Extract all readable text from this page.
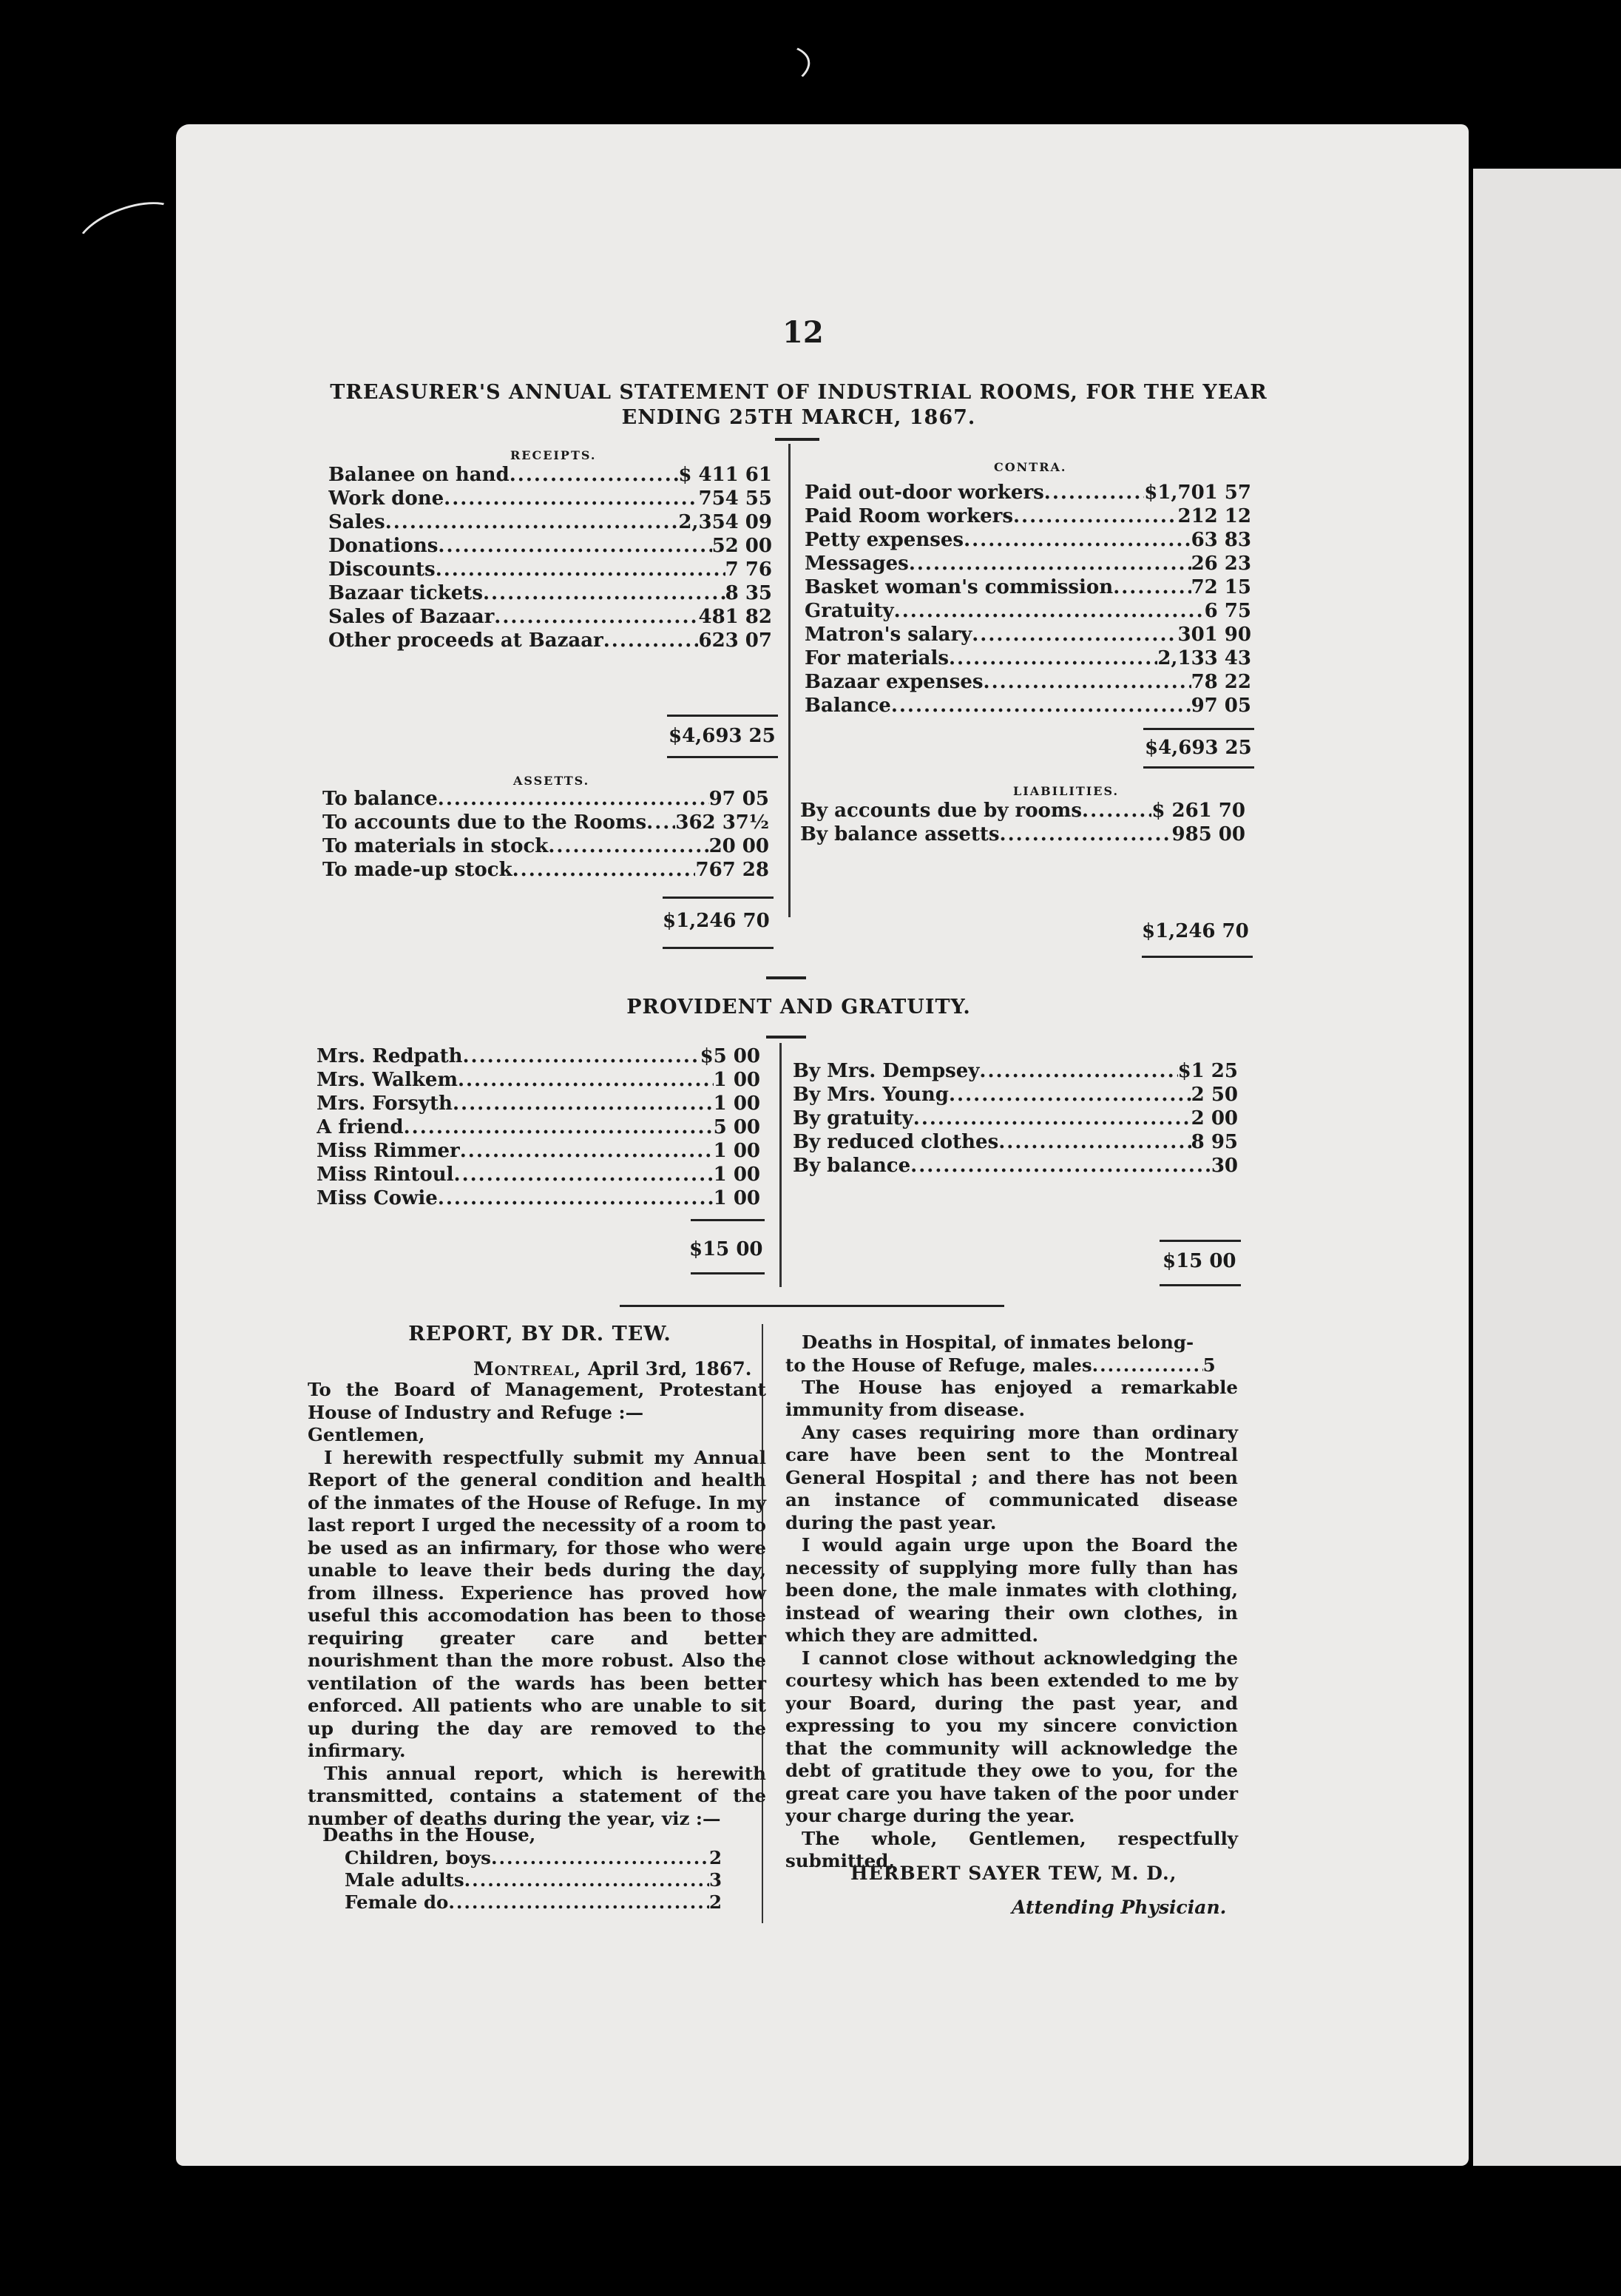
12
TREASURER'S ANNUAL STATEMENT OF INDUSTRIAL ROOMS, FOR THE YEAR
ENDING 25TH MARCH, 1867.
RECEIPTS.
Balanee on hand .....	$ 411 61
Work done .....	754 55
Sales .....	2,354 09
Donations .....	52 00
Discounts .....	7 76
Bazaar tickets .....	8 35
Sales of Bazaar .....	481 82
Other proceeds at Bazaar .....	623 07
$4,693 25
CONTRA.
Paid out-door workers .....	$1,701 57
Paid Room workers .....	212 12
Petty expenses .....	63 83
Messages .....	26 23
Basket woman's commission .....	72 15
Gratuity .....	6 75
Matron's salary .....	301 90
For materials .....	2,133 43
Bazaar expenses .....	78 22
Balance .....	97 05
$4,693 25
ASSETTS.
To balance .....	97 05
To accounts due to the Rooms ..... 362 37½
To materials in stock .....	20 00
To made-up stock .....	767 28
$1,246 70
LIABILITIES.
By accounts due by rooms .....	$ 261 70
By balance assetts .....	985 00
$1,246 70
PROVIDENT AND GRATUITY.
Mrs. Redpath .....	$5 00
Mrs. Walkem .....	1 00
Mrs. Forsyth .....	1 00
A friend .....	5 00
Miss Rimmer .....	1 00
Miss Rintoul .....	1 00
Miss Cowie .....	1 00
$15 00
By Mrs. Dempsey .....	$1 25
By Mrs. Young .....	2 50
By gratuity .....	2 00
By reduced clothes .....	8 95
By balance .....	30
$15 00
REPORT, BY DR. TEW.
Montreal, April 3rd, 1867.

To the Board of Management, Protestant House of Industry and Refuge :—

Gentlemen,

I herewith respectfully submit my Annual Report of the general condition and health of the inmates of the House of Refuge. In my last report I urged the necessity of a room to be used as an infirmary, for those who were unable to leave their beds during the day, from illness. Experience has proved how useful this accomodation has been to those requiring greater care and better nourishment than the more robust. Also the ventilation of the wards has been better enforced. All patients who are unable to sit up during the day are removed to the infirmary.

This annual report, which is herewith transmitted, contains a statement of the number of deaths during the year, viz :—

Deaths in the House,

Children, boys .....	2
Male adults .....	3
Female do .....	2

Deaths in Hospital, of inmates belong-

to the House of Refuge, males .....	5

The House has enjoyed a remarkable immunity from disease.

Any cases requiring more than ordinary care have been sent to the Montreal General Hospital ; and there has not been an instance of communicated disease during the past year.

I would again urge upon the Board the necessity of supplying more fully than has been done, the male inmates with clothing, instead of wearing their own clothes, in which they are admitted.

I cannot close without acknowledging the courtesy which has been extended to me by your Board, during the past year, and expressing to you my sincere conviction that the community will acknowledge the debt of gratitude they owe to you, for the great care you have taken of the poor under your charge during the year.

The whole, Gentlemen, respectfully submitted,

HERBERT SAYER TEW, M. D.,
Attending Physician.
